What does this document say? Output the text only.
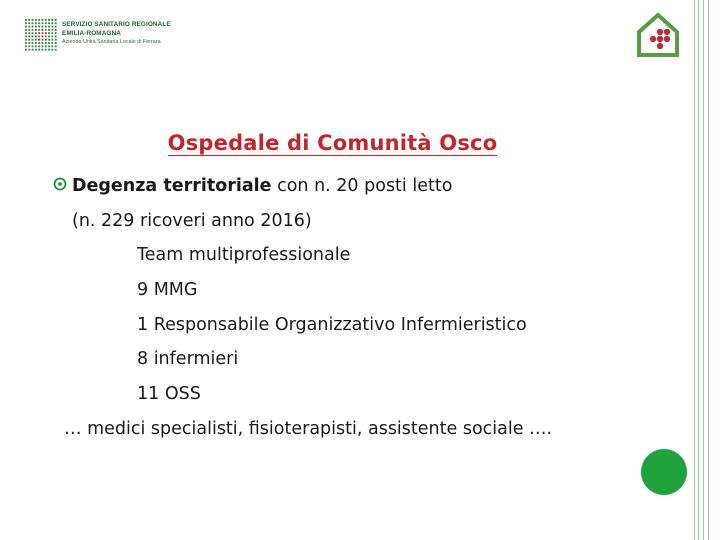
SERVIZIO SANITARIO REGIONALE
EMILIA-ROMAGNA
Azienda Unità Sanitaria Locale di Ferrara
Ospedale di Comunità Osco
Degenza territoriale con n. 20 posti letto
(n. 229 ricoveri anno 2016)
Team multiprofessionale
9 MMG
1 Responsabile Organizzativo Infermieristico
8 infermieri
11 OSS
… medici specialisti, fisioterapisti, assistente sociale ….
